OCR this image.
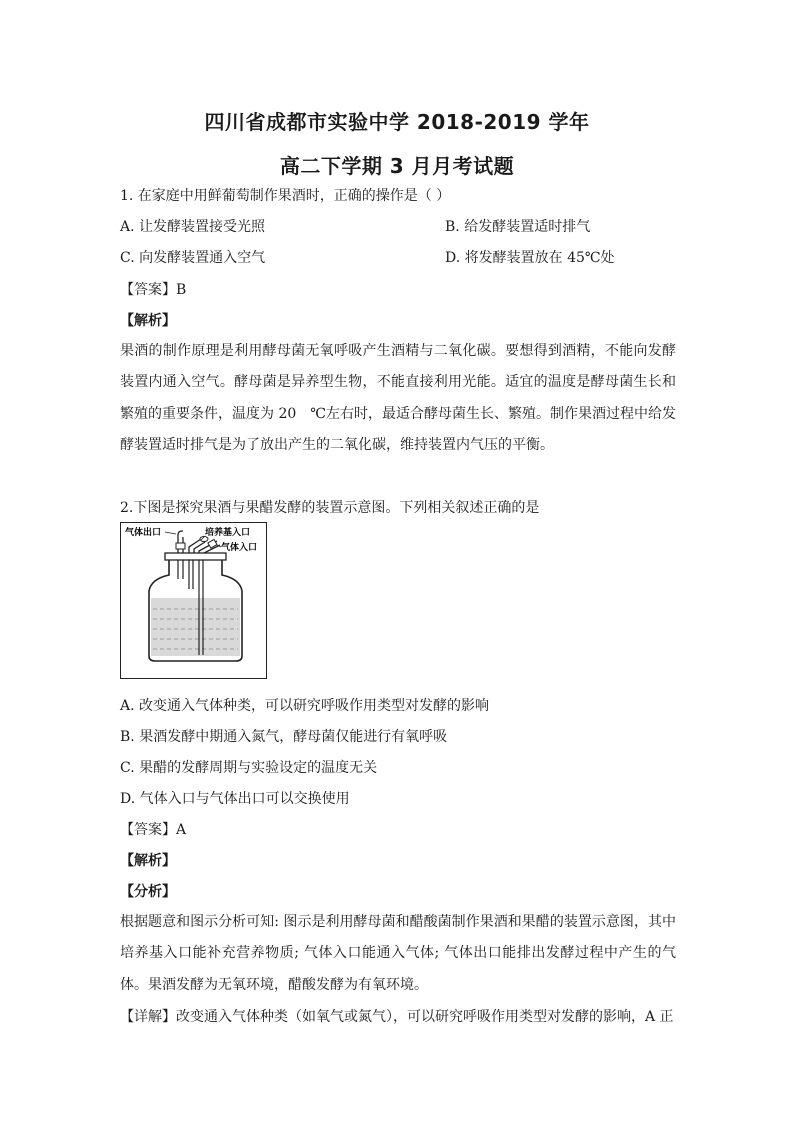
四川省成都市实验中学 2018-2019 学年
高二下学期 3 月月考试题
1. 在家庭中用鲜葡萄制作果酒时，正确的操作是（ ）
A. 让发酵装置接受光照	B. 给发酵装置适时排气
C. 向发酵装置通入空气	D. 将发酵装置放在 45℃处
【答案】B
【解析】
果酒的制作原理是利用酵母菌无氧呼吸产生酒精与二氧化碳。要想得到酒精，不能向发酵装置内通入空气。酵母菌是异养型生物，不能直接利用光能。适宜的温度是酵母菌生长和繁殖的重要条件，温度为 20　℃左右时，最适合酵母菌生长、繁殖。制作果酒过程中给发酵装置适时排气是为了放出产生的二氧化碳，维持装置内气压的平衡。
2.下图是探究果酒与果醋发酵的装置示意图。下列相关叙述正确的是
气体出口	培养基入口
气体入口
A. 改变通入气体种类，可以研究呼吸作用类型对发酵的影响
B. 果酒发酵中期通入氮气，酵母菌仅能进行有氧呼吸
C. 果醋的发酵周期与实验设定的温度无关
D. 气体入口与气体出口可以交换使用
【答案】A
【解析】
【分析】
根据题意和图示分析可知: 图示是利用酵母菌和醋酸菌制作果酒和果醋的装置示意图，其中培养基入口能补充营养物质; 气体入口能通入气体; 气体出口能排出发酵过程中产生的气体。果酒发酵为无氧环境，醋酸发酵为有氧环境。
【详解】改变通入气体种类（如氧气或氮气），可以研究呼吸作用类型对发酵的影响，A 正
